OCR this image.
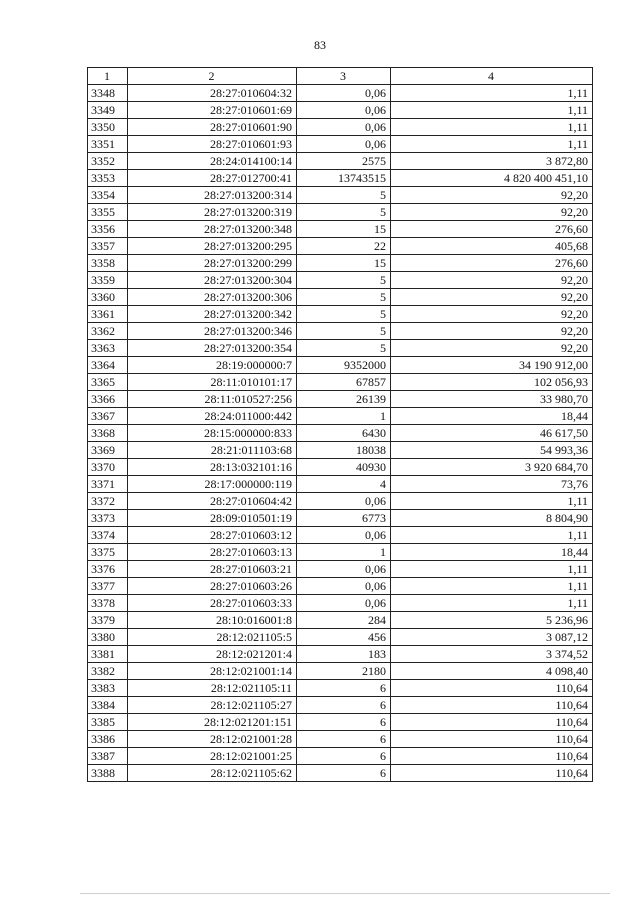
83
1	2	3	4
3348	28:27:010604:32	0,06	1,11
3349	28:27:010601:69	0,06	1,11
3350	28:27:010601:90	0,06	1,11
3351	28:27:010601:93	0,06	1,11
3352	28:24:014100:14	2575	3 872,80
3353	28:27:012700:41	13743515	4 820 400 451,10
3354	28:27:013200:314	5	92,20
3355	28:27:013200:319	5	92,20
3356	28:27:013200:348	15	276,60
3357	28:27:013200:295	22	405,68
3358	28:27:013200:299	15	276,60
3359	28:27:013200:304	5	92,20
3360	28:27:013200:306	5	92,20
3361	28:27:013200:342	5	92,20
3362	28:27:013200:346	5	92,20
3363	28:27:013200:354	5	92,20
3364	28:19:000000:7	9352000	34 190 912,00
3365	28:11:010101:17	67857	102 056,93
3366	28:11:010527:256	26139	33 980,70
3367	28:24:011000:442	1	18,44
3368	28:15:000000:833	6430	46 617,50
3369	28:21:011103:68	18038	54 993,36
3370	28:13:032101:16	40930	3 920 684,70
3371	28:17:000000:119	4	73,76
3372	28:27:010604:42	0,06	1,11
3373	28:09:010501:19	6773	8 804,90
3374	28:27:010603:12	0,06	1,11
3375	28:27:010603:13	1	18,44
3376	28:27:010603:21	0,06	1,11
3377	28:27:010603:26	0,06	1,11
3378	28:27:010603:33	0,06	1,11
3379	28:10:016001:8	284	5 236,96
3380	28:12:021105:5	456	3 087,12
3381	28:12:021201:4	183	3 374,52
3382	28:12:021001:14	2180	4 098,40
3383	28:12:021105:11	6	110,64
3384	28:12:021105:27	6	110,64
3385	28:12:021201:151	6	110,64
3386	28:12:021001:28	6	110,64
3387	28:12:021001:25	6	110,64
3388	28:12:021105:62	6	110,64
